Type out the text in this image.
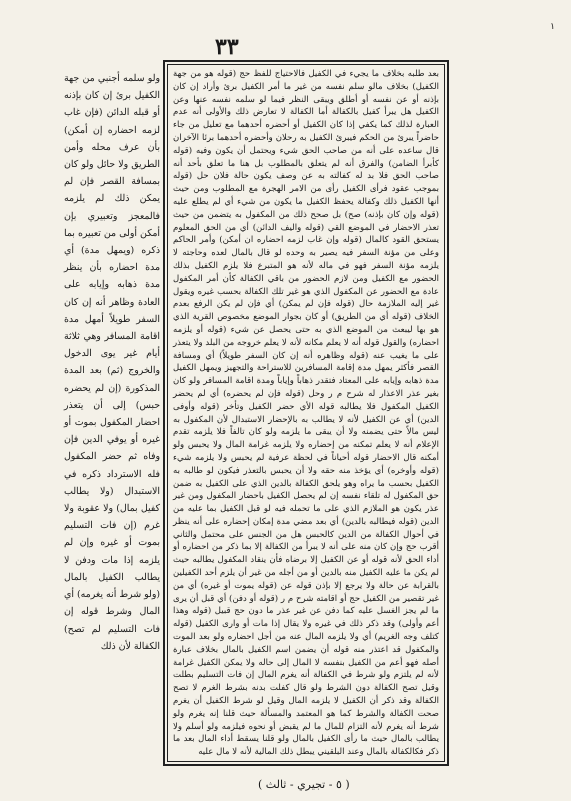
١
٣٣

بعد طلبه بخلاف ما يجيء في الكفيل فالاحتياج للفظ حج (قوله هو من جهة الكفيل) بخلاف مالو سلم نفسه من غير ما أمر الكفيل برئ وأراد إن كان بإذنه أو عن نفسه أو أطلق ويبقى النظر فيما لو سلمه نفسه عنها وعن الكفيل هل يبرأ كفيل بالكفالة أما الكفالة لا تعارض ذلك والأولى أنه عدم العبارة لذلك كما يكفي إذا كان الكفيل أو أحضره أحدهما مع تعليل من جاء حاضراً يبرئ من الحكم فيبرئ الكفيل به رحلان وأحضره أحدهما برئا الآخران قال ساعده على أنه من صاحب الحق شيء ويحتمل أن يكون وفيه (قوله كأبرأ الضامن) والفرق أنه لم يتعلق بالمطلوب بل هنا ما تعلق بأحد أنه صاحب الحق فلا بد له كفالته به عن وصف يكون حالة فلان حل (قوله بموجب عقود فرأى الكفيل رأى من الامر الهجرة مع المطلوب ومن حيث أنها الكفيل ذلك وكفالة يحفظ الكفيل ما يكون من شيء أي لم يطلع عليه (قوله وإن كان بإذنه) صح) بل صحح ذلك من المكفول به يتضمن من حيث تعذر الاحضار في الموضع القي (قوله واليف الدائن) أي من الحق المعلوم يستحق القود كالمال (قوله وإن غاب لزمه احضاره ان أمكن) وأمر الحاكم وعلى من مؤنة السفر فيه يصير به وحده لو قال بالمال لعده وحاجته لا يلزمه مؤنة السفر فهو في ماله لأنه هو المتبرع فلا يلزم الكفيل بذلك الحضور مع الكفيل ومن لازم الحضور من باقي الكفالة كأن أمر المكفول عادة مع الحضور عن المكفول الذي هو غير تلك الكفالة بحسب غيره ويقول غير إليه الملازمة حال (قوله فإن لم يمكن) أي فإن لم يكن الرفع بعدم الخلاف (قوله أي من الطريق) أو كان بجوار الموضع مخصوص القرية الذي هو بها ليبعث من الموضع الذي به حتى يحصل عن شيء (قوله أو يلزمه احضاره) والقول قوله أنه لا يعلم مكانه لأنه لا يعلم خروجه من البلد ولا يتعذر على ما يغيب عنه (قوله وظاهره أنه إن كان السفر طويلاً) أي ومسافة القصر فأكثر يمهل مدة إقامة المسافرين للاستراحة والتجهيز ويمهل الكفيل مدة ذهابه وإيابه على المعتاد فتقدر ذهاباً وإياباً ومدة اقامة المسافر ولو كان بغير عذر الاعذار له شرح م ر وحل (قوله فإن لم يحضره) أي لم يحضر الكفيل المكفول فلا يطالبه قوله الأي حضر الكفيل وتأخر (قوله وأوفى الدين) أي عن الكفيل لأنه لا يطالب به بالإحضار الاستبدال لأن المكفول به ليس مالاً حتى يضمنه ولا أن يبقى ما يلزمه ولو كان تالفاً فلا يلزمه تقدم الإعلام أنه لا يعلم تمكنه من إحضاره ولا يلزمه غرامة المال ولا يحبس ولو أمكنه قال الاحضار قوله أحياناً في لحظة عرفية لم يحبس ولا يلزمه شيء (قوله وأوخره) أي يؤخذ منه حقه ولا أن يحبس بالتعذر فيكون لو طالبه به الكفيل بحسب ما يراه وهو يلحق الكفالة بالدين الذي على الكفيل به ضمن حق المكفول له تلقاء نفسه إن لم يحصل الكفيل باحضار المكفول ومن غير عذر يكون هو الملازم الذي على ما تحمله فيه لو قبل الكفيل بما عليه من الدين (قوله فيطالبه بالدين) أي بعد مضي مدة إمكان إحضاره على أنه ينظر في أحوال الكفالة من الدين كالحبس هل من الجنس على محتمل والثاني أقرب حج وإن كان منه على أنه لا يبرأ من الكفالة إلا بما ذكر من احضاره أو أداء الحق لأنه قوله أو عن الكفيل إلا برضاه فأن ينقاد المكفول يطالبه حيث لم يكن ما عليه الكفيل منه بالدين أو من أجله من غير أن يلزم أحد الكفيلين بالقرابة عن حالة ولا يرجع إلا بإذن قوله عن (قوله يموت أو غيره) أي من غير تقصير من الكفيل حج أو اقامته شرح م ر (قوله أو دفن) أي قبل أن يرى ما لم يجز الغسل عليه كما دفن عن غير عذر ما دون حج قبيل (قوله وهذا أعم وأولى) وقد ذكر ذلك في غيره ولا يقال إذا مات أو وارى الكفيل (قوله كتلف وجه الغريم) أي ولا يلزمه المال عنه من أجل احضاره ولو بعد الموت والمكفول قد اعتذر منه قوله أن يضمن اسم الكفيل بالمال بخلاف عبارة أصله فهو أعم من الكفيل بنفسه لا المال إلى حاله ولا يمكن الكفيل غرامة لأنه لم يلتزم ولو شرط في الكفالة أنه يغرم المال إن فات التسليم بطلت وقيل تصح الكفالة دون الشرط ولو قال كفلت بدنه بشرط الغرم لا تصح الكفالة وقد ذكر أن الكفيل لا يلزمه المال وقيل لو شرط الكفيل أن يغرم صحت الكفالة والشرط كما هو المعتمد والمسألة حيث قلنا إنه يغرم ولو شرط أنه يغرم لأنه التزام للمال ما لم يقبض أو نحوه فيلزمه ولو أسلم ولا يطالب بالمال حيث ما رأى الكفيل بالمال ولو قلنا يسقط أداء المال بعد ما ذكر فكالكفالة بالمال وعند البلقيني يبطل ذلك المالية لأنه لا مال عليه

ولو سلمه أجنبي من جهة الكفيل برئ إن كان بإذنه أو قبله الدائن (فإن غاب لزمه احضاره إن أمكن) بأن عرف محله وأمن الطريق ولا حائل ولو كان بمسافة القصر فإن لم يمكن ذلك لم يلزمه فالمعجز وتعبيري بإن أمكن أولى من تعبيره بما ذكره (ويمهل مدة) أي مدة احضاره بأن ينظر مدة ذهابه وإيابه على العادة وظاهر أنه إن كان السفر طويلاً أمهل مدة اقامة المسافر وهي ثلاثة أيام غير يوى الدخول والخروج (ثم) بعد المدة المذكورة (إن لم يحضره حبس) إلى أن يتعذر احضار المكفول بموت أو غيره أو يوفي الدين فإن وفاه ثم حضر المكفول فله الاسترداد ذكره في الاستبدال (ولا يطالب كفيل بمال) ولا عقوبة ولا غرم (إن فات التسليم بموت أو غيره وإن لم يلزمه إذا مات ودفن لا يطالب الكفيل بالمال (ولو شرط أنه يغرمه) أي المال وشرط قوله إن فات التسليم لم تصح) الكفالة لأن ذلك

( ٥ - تجيري - ثالث )
